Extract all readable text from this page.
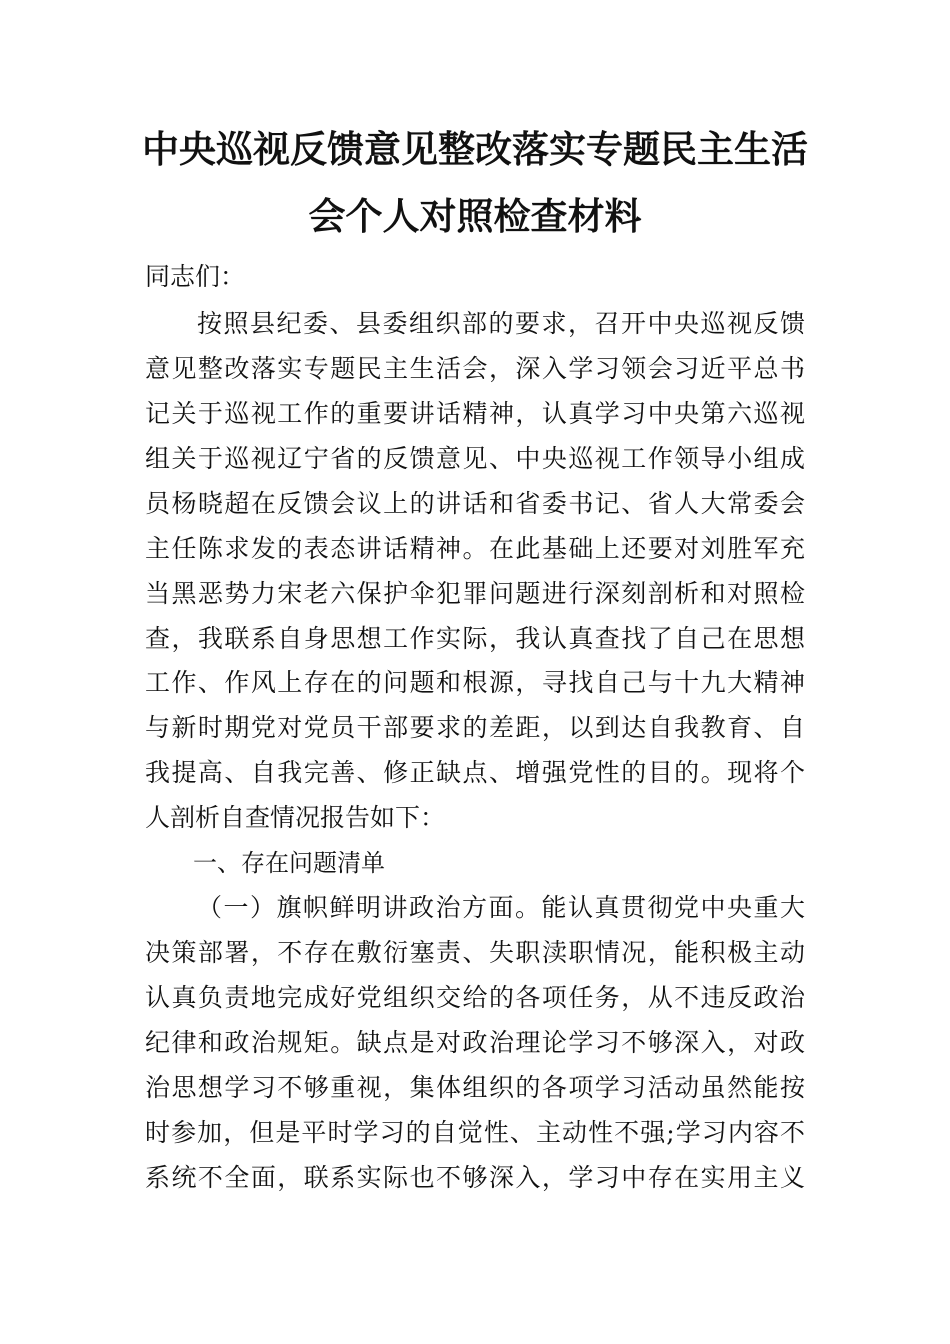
中央巡视反馈意见整改落实专题民主生活
会个人对照检查材料
同志们：
按照县纪委、县委组织部的要求，召开中央巡视反馈
意见整改落实专题民主生活会，深入学习领会习近平总书
记关于巡视工作的重要讲话精神，认真学习中央第六巡视
组关于巡视辽宁省的反馈意见、中央巡视工作领导小组成
员杨晓超在反馈会议上的讲话和省委书记、省人大常委会
主任陈求发的表态讲话精神。在此基础上还要对刘胜军充
当黑恶势力宋老六保护伞犯罪问题进行深刻剖析和对照检
查，我联系自身思想工作实际，我认真查找了自己在思想
工作、作风上存在的问题和根源，寻找自己与十九大精神
与新时期党对党员干部要求的差距，以到达自我教育、自
我提高、自我完善、修正缺点、增强党性的目的。现将个
人剖析自查情况报告如下：
一、存在问题清单
（一）旗帜鲜明讲政治方面。能认真贯彻党中央重大
决策部署，不存在敷衍塞责、失职渎职情况，能积极主动
认真负责地完成好党组织交给的各项任务，从不违反政治
纪律和政治规矩。缺点是对政治理论学习不够深入，对政
治思想学习不够重视，集体组织的各项学习活动虽然能按
时参加，但是平时学习的自觉性、主动性不强;学习内容不
系统不全面，联系实际也不够深入，学习中存在实用主义
